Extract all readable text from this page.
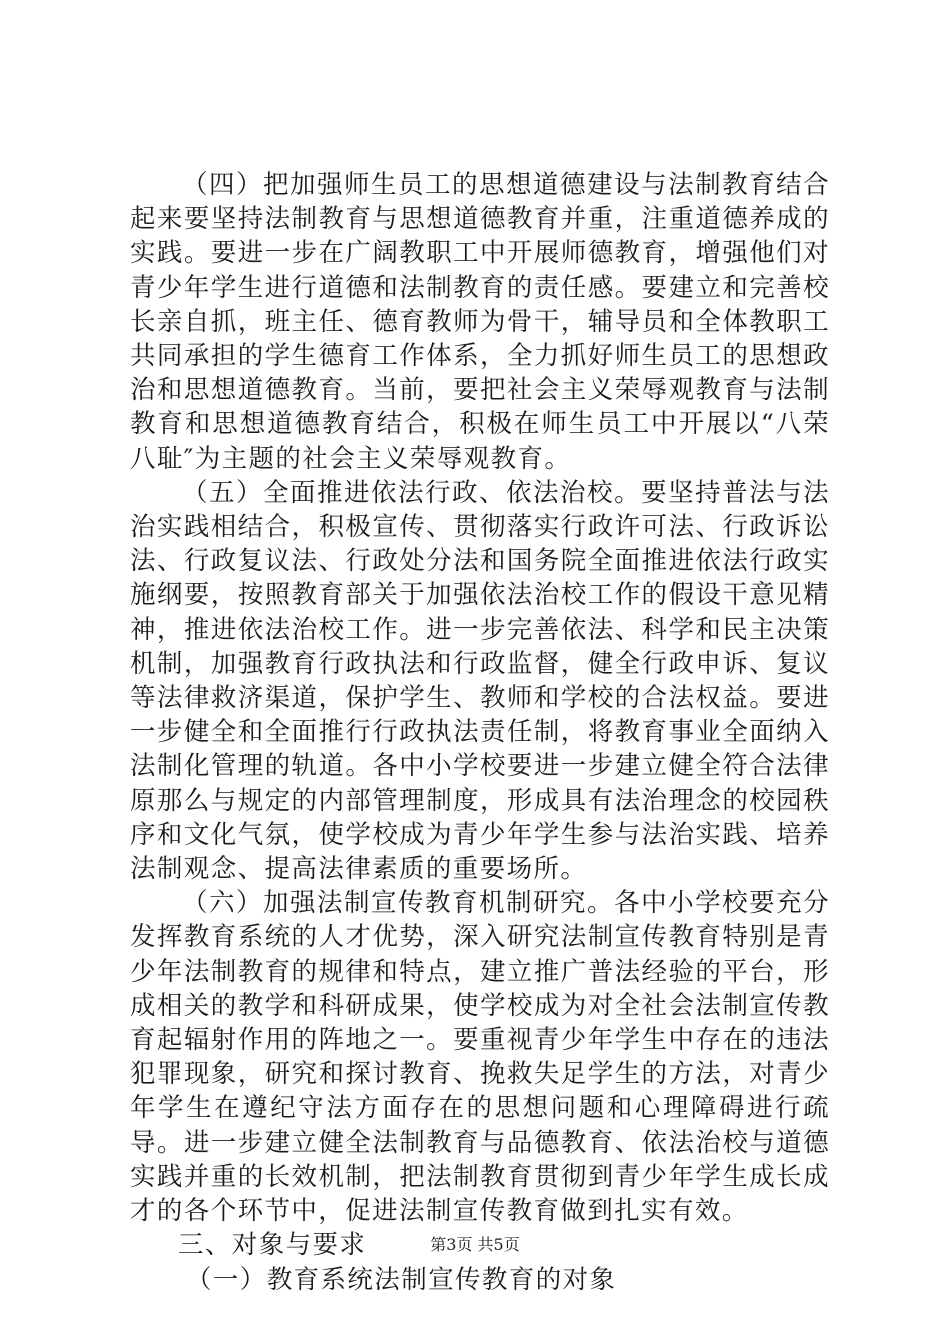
（四）把加强师生员工的思想道德建设与法制教育结合起来要坚持法制教育与思想道德教育并重，注重道德养成的实践。要进一步在广阔教职工中开展师德教育，增强他们对青少年学生进行道德和法制教育的责任感。要建立和完善校长亲自抓，班主任、德育教师为骨干，辅导员和全体教职工共同承担的学生德育工作体系，全力抓好师生员工的思想政治和思想道德教育。当前，要把社会主义荣辱观教育与法制教育和思想道德教育结合，积极在师生员工中开展以“八荣八耻″为主题的社会主义荣辱观教育。

（五）全面推进依法行政、依法治校。要坚持普法与法治实践相结合，积极宣传、贯彻落实行政许可法、行政诉讼法、行政复议法、行政处分法和国务院全面推进依法行政实施纲要，按照教育部关于加强依法治校工作的假设干意见精神，推进依法治校工作。进一步完善依法、科学和民主决策机制，加强教育行政执法和行政监督，健全行政申诉、复议等法律救济渠道，保护学生、教师和学校的合法权益。要进一步健全和全面推行行政执法责任制，将教育事业全面纳入法制化管理的轨道。各中小学校要进一步建立健全符合法律原那么与规定的内部管理制度，形成具有法治理念的校园秩序和文化气氛，使学校成为青少年学生参与法治实践、培养法制观念、提高法律素质的重要场所。

（六）加强法制宣传教育机制研究。各中小学校要充分发挥教育系统的人才优势，深入研究法制宣传教育特别是青少年法制教育的规律和特点，建立推广普法经验的平台，形成相关的教学和科研成果，使学校成为对全社会法制宣传教育起辐射作用的阵地之一。要重视青少年学生中存在的违法犯罪现象，研究和探讨教育、挽救失足学生的方法，对青少年学生在遵纪守法方面存在的思想问题和心理障碍进行疏导。进一步建立健全法制教育与品德教育、依法治校与道德实践并重的长效机制，把法制教育贯彻到青少年学生成长成才的各个环节中，促进法制宣传教育做到扎实有效。

三、对象与要求

（一）教育系统法制宣传教育的对象

第3页 共5页
